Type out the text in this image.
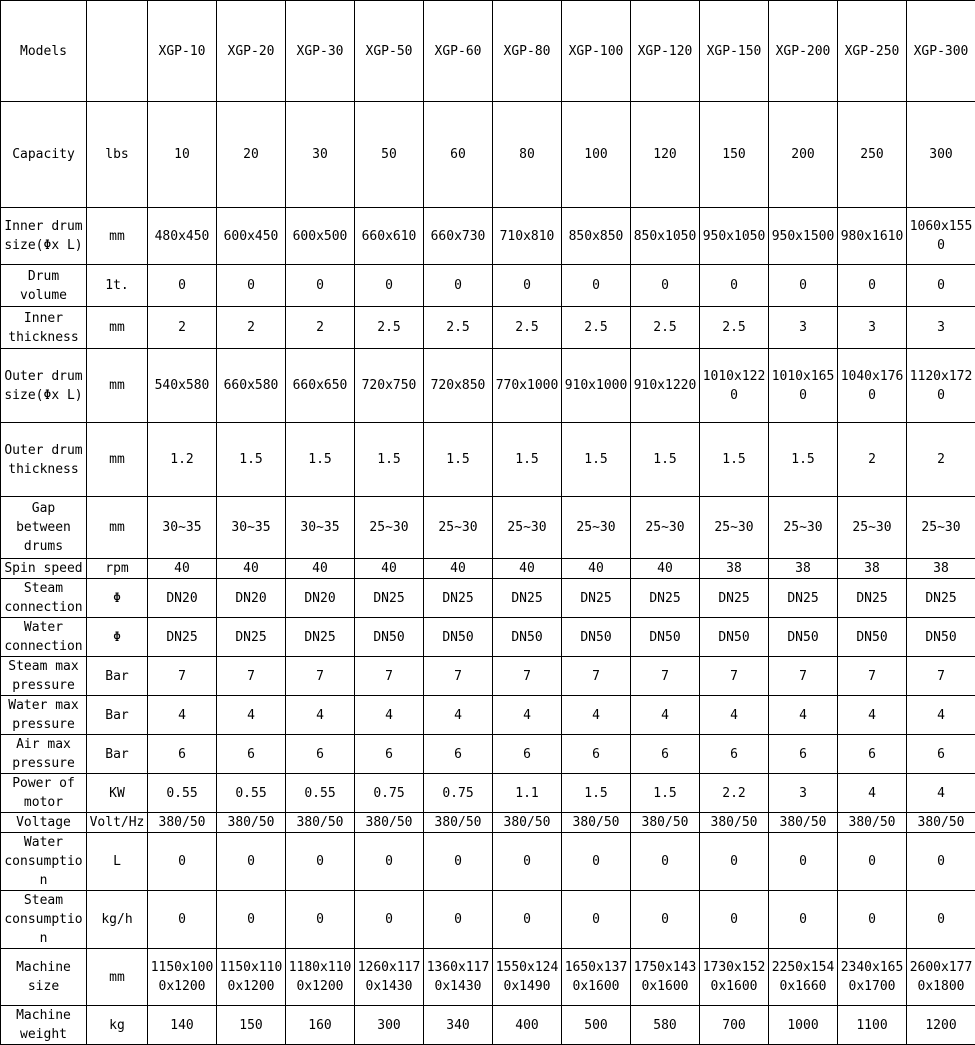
Models		XGP-10	XGP-20	XGP-30	XGP-50	XGP-60	XGP-80	XGP-100	XGP-120	XGP-150	XGP-200	XGP-250	XGP-300
Capacity	lbs	10	20	30	50	60	80	100	120	150	200	250	300
Inner drum size(Φx L)	mm	480x450	600x450	600x500	660x610	660x730	710x810	850x850	850x1050	950x1050	950x1500	980x1610	1060x1550
Drum volume	1t.	0	0	0	0	0	0	0	0	0	0	0	0
Inner thickness	mm	2	2	2	2.5	2.5	2.5	2.5	2.5	2.5	3	3	3
Outer drum size(Φx L)	mm	540x580	660x580	660x650	720x750	720x850	770x1000	910x1000	910x1220	1010x1220	1010x1650	1040x1760	1120x1720
Outer drum thickness	mm	1.2	1.5	1.5	1.5	1.5	1.5	1.5	1.5	1.5	1.5	2	2
Gap between drums	mm	30~35	30~35	30~35	25~30	25~30	25~30	25~30	25~30	25~30	25~30	25~30	25~30
Spin speed	rpm	40	40	40	40	40	40	40	40	38	38	38	38
Steam connection	Φ	DN20	DN20	DN20	DN25	DN25	DN25	DN25	DN25	DN25	DN25	DN25	DN25
Water connection	Φ	DN25	DN25	DN25	DN50	DN50	DN50	DN50	DN50	DN50	DN50	DN50	DN50
Steam max pressure	Bar	7	7	7	7	7	7	7	7	7	7	7	7
Water max pressure	Bar	4	4	4	4	4	4	4	4	4	4	4	4
Air max pressure	Bar	6	6	6	6	6	6	6	6	6	6	6	6
Power of motor	KW	0.55	0.55	0.55	0.75	0.75	1.1	1.5	1.5	2.2	3	4	4
Voltage	Volt/Hz	380/50	380/50	380/50	380/50	380/50	380/50	380/50	380/50	380/50	380/50	380/50	380/50
Water consumption	L	0	0	0	0	0	0	0	0	0	0	0	0
Steam consumption	kg/h	0	0	0	0	0	0	0	0	0	0	0	0
Machine size	mm	1150x1000x1200	1150x1100x1200	1180x1100x1200	1260x1170x1430	1360x1170x1430	1550x1240x1490	1650x1370x1600	1750x1430x1600	1730x1520x1600	2250x1540x1660	2340x1650x1700	2600x1770x1800
Machine weight	kg	140	150	160	300	340	400	500	580	700	1000	1100	1200
